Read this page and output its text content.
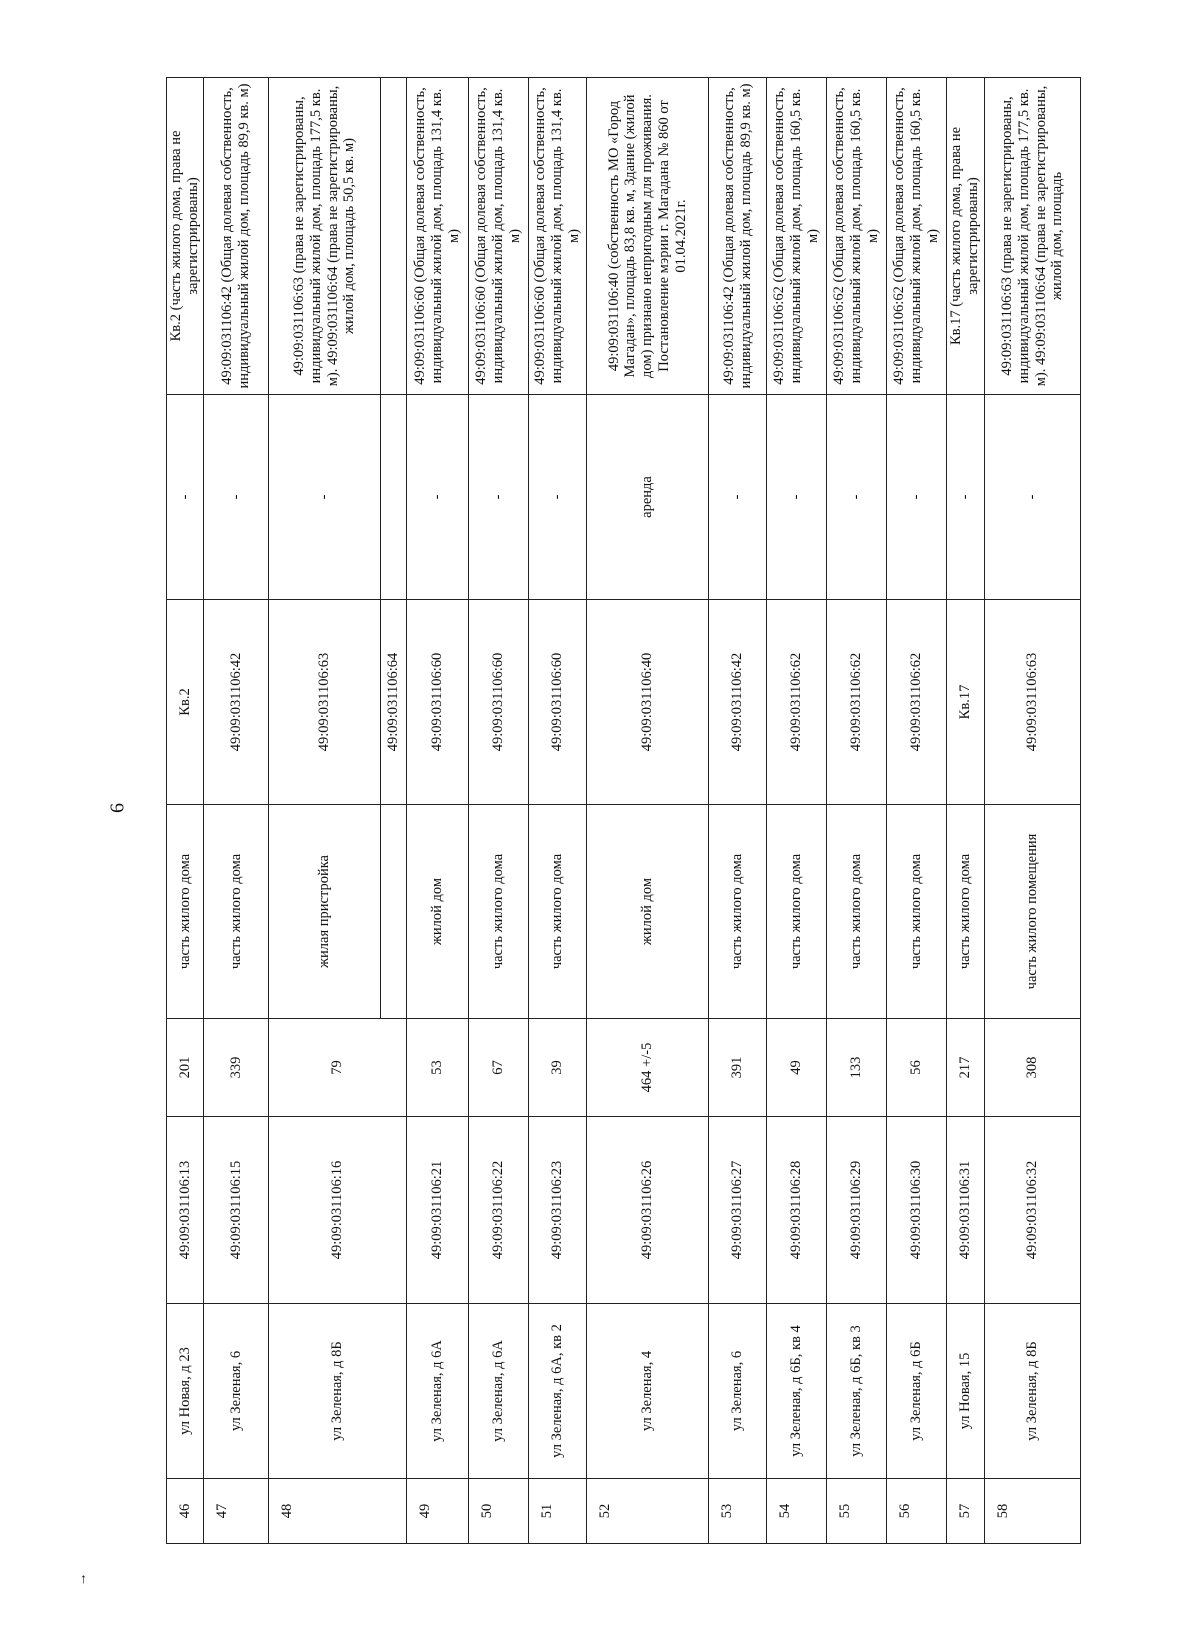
6
↑
46	ул Новая, д 23	49:09:031106:13	201	часть жилого дома	Кв.2	-	Кв.2 (часть жилого дома, права не зарегистрированы)
47	ул Зеленая, 6	49:09:031106:15	339	часть жилого дома	49:09:031106:42	-	49:09:031106:42 (Общая долевая собственность, индивидуальный жилой дом, площадь 89,9 кв. м)
48	ул Зеленая, д 8Б	49:09:031106:16	79	жилая пристройка	49:09:031106:63	-	49:09:031106:63 (права не зарегистрированы, индивидуальный жилой дом, площадь 177,5 кв. м). 49:09:031106:64 (права не зарегистрированы, жилой дом, площадь 50,5 кв. м)
					49:09:031106:64		
49	ул Зеленая, д 6А	49:09:031106:21	53	жилой дом	49:09:031106:60	-	49:09:031106:60 (Общая долевая собственность, индивидуальный жилой дом, площадь 131,4 кв. м)
50	ул Зеленая, д 6А	49:09:031106:22	67	часть жилого дома	49:09:031106:60	-	49:09:031106:60 (Общая долевая собственность, индивидуальный жилой дом, площадь 131,4 кв. м)
51	ул Зеленая, д 6А, кв 2	49:09:031106:23	39	часть жилого дома	49:09:031106:60	-	49:09:031106:60 (Общая долевая собственность, индивидуальный жилой дом, площадь 131,4 кв. м)
52	ул Зеленая, 4	49:09:031106:26	464 +/-5	жилой дом	49:09:031106:40	аренда	49:09:031106:40 (собственность МО «Город Магадан», площадь 83,8 кв. м, Здание (жилой дом) признано непригодным для проживания. Постановление мэрии г. Магадана № 860 от 01.04.2021г.
53	ул Зеленая, 6	49:09:031106:27	391	часть жилого дома	49:09:031106:42	-	49:09:031106:42 (Общая долевая собственность, индивидуальный жилой дом, площадь 89,9 кв. м)
54	ул Зеленая, д 6Б, кв 4	49:09:031106:28	49	часть жилого дома	49:09:031106:62	-	49:09:031106:62 (Общая долевая собственность, индивидуальный жилой дом, площадь 160,5 кв. м)
55	ул Зеленая, д 6Б, кв 3	49:09:031106:29	133	часть жилого дома	49:09:031106:62	-	49:09:031106:62 (Общая долевая собственность, индивидуальный жилой дом, площадь 160,5 кв. м)
56	ул Зеленая, д 6Б	49:09:031106:30	56	часть жилого дома	49:09:031106:62	-	49:09:031106:62 (Общая долевая собственность, индивидуальный жилой дом, площадь 160,5 кв. м)
57	ул Новая, 15	49:09:031106:31	217	часть жилого дома	Кв.17	-	Кв.17 (часть жилого дома, права не зарегистрированы)
58	ул Зеленая, д 8Б	49:09:031106:32	308	часть жилого помещения	49:09:031106:63	-	49:09:031106:63 (права не зарегистрированы, индивидуальный жилой дом, площадь 177,5 кв. м). 49:09:031106:64 (права не зарегистрированы, жилой дом, площадь
